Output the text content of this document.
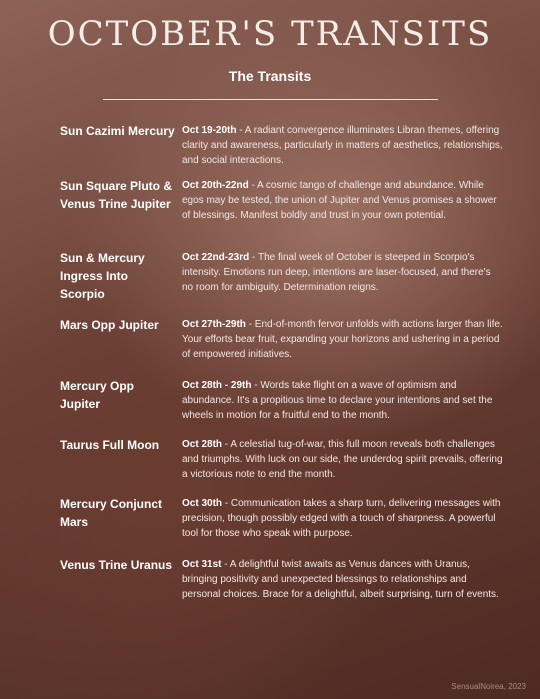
OCTOBER'S TRANSITS
The Transits
Sun Cazimi Mercury Oct 19-20th - A radiant convergence illuminates Libran themes, offering clarity and awareness, particularly in matters of aesthetics, relationships, and social interactions.
Sun Square Pluto & Venus Trine Jupiter
Oct 20th-22nd - A cosmic tango of challenge and abundance. While egos may be tested, the union of Jupiter and Venus promises a shower of blessings. Manifest boldly and trust in your own potential.
Sun & Mercury Ingress Into Scorpio
Oct 22nd-23rd - The final week of October is steeped in Scorpio's intensity. Emotions run deep, intentions are laser-focused, and there's no room for ambiguity. Determination reigns.
Mars Opp Jupiter	Oct 27th-29th - End-of-month fervor unfolds with actions larger than life. Your efforts bear fruit, expanding your horizons and ushering in a period of empowered initiatives.
Mercury Opp Jupiter
Oct 28th - 29th - Words take flight on a wave of optimism and abundance. It's a propitious time to declare your intentions and set the wheels in motion for a fruitful end to the month.
Taurus Full Moon	Oct 28th - A celestial tug-of-war, this full moon reveals both challenges and triumphs. With luck on our side, the underdog spirit prevails, offering a victorious note to end the month.
Mercury Conjunct Mars
Oct 30th - Communication takes a sharp turn, delivering messages with precision, though possibly edged with a touch of sharpness. A powerful tool for those who speak with purpose.
Venus Trine Uranus Oct 31st - A delightful twist awaits as Venus dances with Uranus, bringing positivity and unexpected blessings to relationships and personal choices. Brace for a delightful, albeit surprising, turn of events.
SensualNoirea, 2023
